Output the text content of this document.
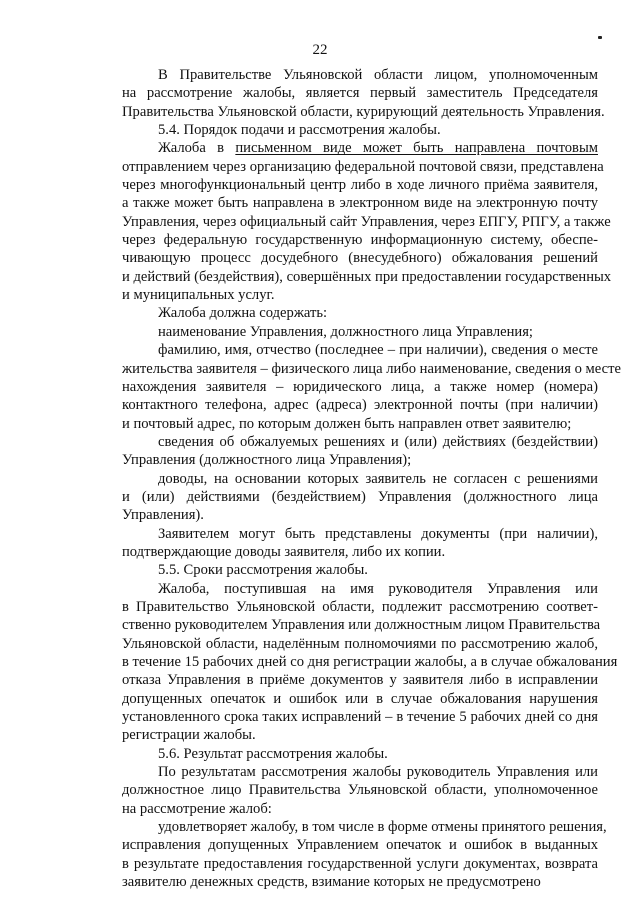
22
В Правительстве Ульяновской области лицом, уполномоченным
на рассмотрение жалобы, является первый заместитель Председателя
Правительства Ульяновской области, курирующий деятельность Управления.
5.4. Порядок подачи и рассмотрения жалобы.
Жалоба в письменном виде может быть направлена почтовым
отправлением через организацию федеральной почтовой связи, представлена
через многофункциональный центр либо в ходе личного приёма заявителя,
а также может быть направлена в электронном виде на электронную почту
Управления, через официальный сайт Управления, через ЕПГУ, РПГУ, а также
через федеральную государственную информационную систему, обеспе-
чивающую процесс досудебного (внесудебного) обжалования решений
и действий (бездействия), совершённых при предоставлении государственных
и муниципальных услуг.
Жалоба должна содержать:
наименование Управления, должностного лица Управления;
фамилию, имя, отчество (последнее – при наличии), сведения о месте
жительства заявителя – физического лица либо наименование, сведения о месте
нахождения заявителя – юридического лица, а также номер (номера)
контактного телефона, адрес (адреса) электронной почты (при наличии)
и почтовый адрес, по которым должен быть направлен ответ заявителю;
сведения об обжалуемых решениях и (или) действиях (бездействии)
Управления (должностного лица Управления);
доводы, на основании которых заявитель не согласен с решениями
и (или) действиями (бездействием) Управления (должностного лица
Управления).
Заявителем могут быть представлены документы (при наличии),
подтверждающие доводы заявителя, либо их копии.
5.5. Сроки рассмотрения жалобы.
Жалоба, поступившая на имя руководителя Управления или
в Правительство Ульяновской области, подлежит рассмотрению соответ-
ственно руководителем Управления или должностным лицом Правительства
Ульяновской области, наделённым полномочиями по рассмотрению жалоб,
в течение 15 рабочих дней со дня регистрации жалобы, а в случае обжалования
отказа Управления в приёме документов у заявителя либо в исправлении
допущенных опечаток и ошибок или в случае обжалования нарушения
установленного срока таких исправлений – в течение 5 рабочих дней со дня
регистрации жалобы.
5.6. Результат рассмотрения жалобы.
По результатам рассмотрения жалобы руководитель Управления или
должностное лицо Правительства Ульяновской области, уполномоченное
на рассмотрение жалоб:
удовлетворяет жалобу, в том числе в форме отмены принятого решения,
исправления допущенных Управлением опечаток и ошибок в выданных
в результате предоставления государственной услуги документах, возврата
заявителю денежных средств, взимание которых не предусмотрено
